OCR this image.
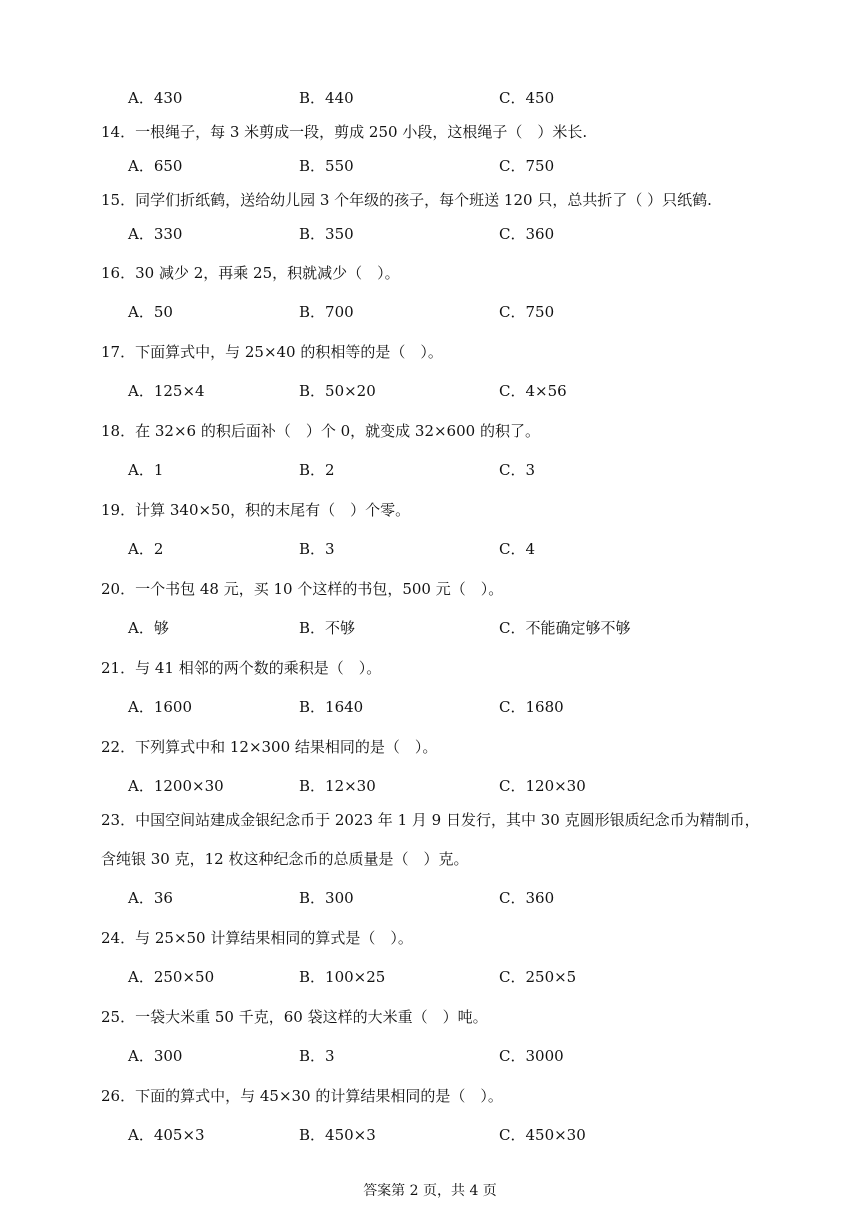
A．430	B．440	C．450
14．一根绳子，每 3 米剪成一段，剪成 250 小段，这根绳子（　）米长.
A．650	B．550	C．750
15．同学们折纸鹤，送给幼儿园 3 个年级的孩子，每个班送 120 只，总共折了（ ）只纸鹤.
A．330	B．350	C．360
16．30 减少 2，再乘 25，积就减少（　）。
A．50	B．700	C．750
17．下面算式中，与 25×40 的积相等的是（　）。
A．125×4	B．50×20	C．4×56
18．在 32×6 的积后面补（　）个 0，就变成 32×600 的积了。
A．1	B．2	C．3
19．计算 340×50，积的末尾有（　）个零。
A．2	B．3	C．4
20．一个书包 48 元，买 10 个这样的书包，500 元（　）。
A．够	B．不够	C．不能确定够不够
21．与 41 相邻的两个数的乘积是（　）。
A．1600	B．1640	C．1680
22．下列算式中和 12×300 结果相同的是（　）。
A．1200×30	B．12×30	C．120×30
23．中国空间站建成金银纪念币于 2023 年 1 月 9 日发行，其中 30 克圆形银质纪念币为精制币，
含纯银 30 克，12 枚这种纪念币的总质量是（　）克。
A．36	B．300	C．360
24．与 25×50 计算结果相同的算式是（　）。
A．250×50	B．100×25	C．250×5
25．一袋大米重 50 千克，60 袋这样的大米重（　）吨。
A．300	B．3	C．3000
26．下面的算式中，与 45×30 的计算结果相同的是（　）。
A．405×3	B．450×3	C．450×30
答案第 2 页，共 4 页
